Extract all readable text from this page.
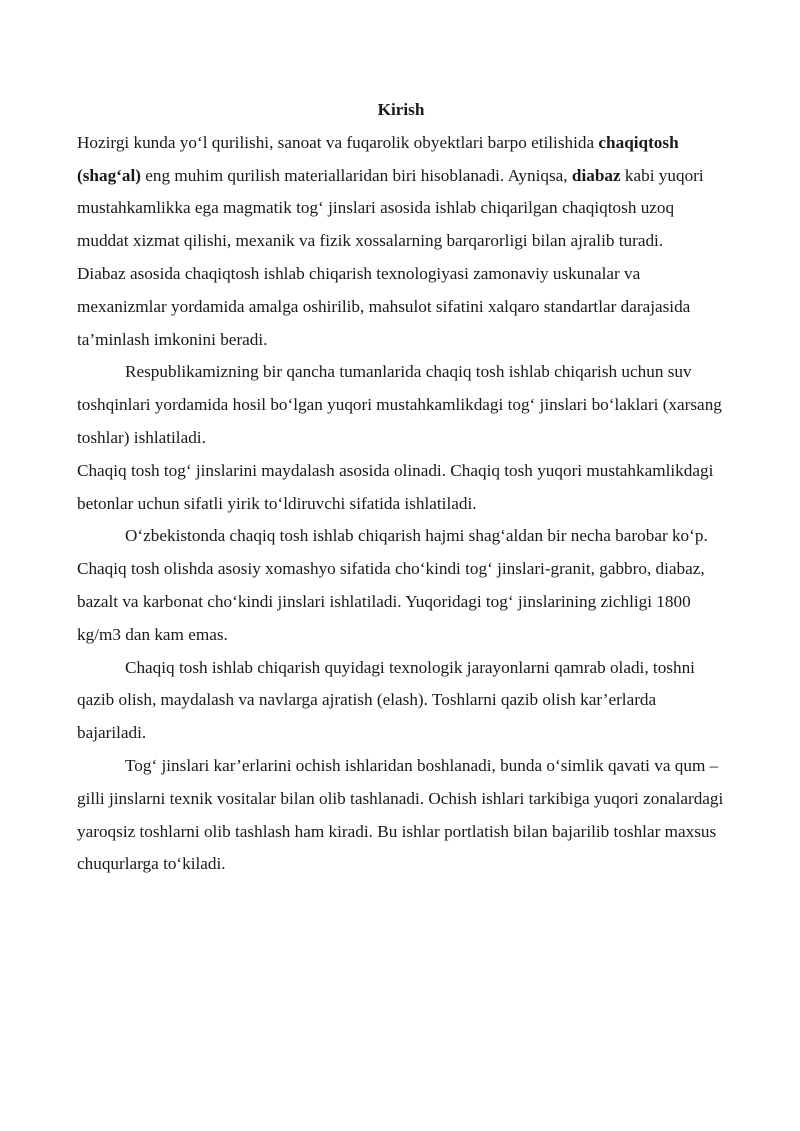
Kirish

Hozirgi kunda yo‘l qurilishi, sanoat va fuqarolik obyektlari barpo etilishida chaqiqtosh (shag‘al) eng muhim qurilish materiallaridan biri hisoblanadi. Ayniqsa, diabaz kabi yuqori mustahkamlikka ega magmatik tog‘ jinslari asosida ishlab chiqarilgan chaqiqtosh uzoq muddat xizmat qilishi, mexanik va fizik xossalarning barqarorligi bilan ajralib turadi.

Diabaz asosida chaqiqtosh ishlab chiqarish texnologiyasi zamonaviy uskunalar va mexanizmlar yordamida amalga oshirilib, mahsulot sifatini xalqaro standartlar darajasida ta’minlash imkonini beradi.

Respublikamizning bir qancha tumanlarida chaqiq tosh ishlab chiqarish uchun suv toshqinlari yordamida hosil bo‘lgan yuqori mustahkamlikdagi tog‘ jinslari bo‘laklari (xarsang toshlar) ishlatiladi.

Chaqiq tosh tog‘ jinslarini maydalash asosida olinadi. Chaqiq tosh yuqori mustahkamlikdagi betonlar uchun sifatli yirik to‘ldiruvchi sifatida ishlatiladi.

O‘zbekistonda chaqiq tosh ishlab chiqarish hajmi shag‘aldan bir necha barobar ko‘p. Chaqiq tosh olishda asosiy xomashyo sifatida cho‘kindi tog‘ jinslari-granit, gabbro, diabaz, bazalt va karbonat cho‘kindi jinslari ishlatiladi. Yuqoridagi tog‘ jinslarining zichligi 1800 kg/m3 dan kam emas.

Chaqiq tosh ishlab chiqarish quyidagi texnologik jarayonlarni qamrab oladi, toshni qazib olish, maydalash va navlarga ajratish (elash). Toshlarni qazib olish kar’erlarda bajariladi.

Tog‘ jinslari kar’erlarini ochish ishlaridan boshlanadi, bunda o‘simlik qavati va qum – gilli jinslarni texnik vositalar bilan olib tashlanadi. Ochish ishlari tarkibiga yuqori zonalardagi yaroqsiz toshlarni olib tashlash ham kiradi. Bu ishlar portlatish bilan bajarilib toshlar maxsus chuqurlarga to‘kiladi.
